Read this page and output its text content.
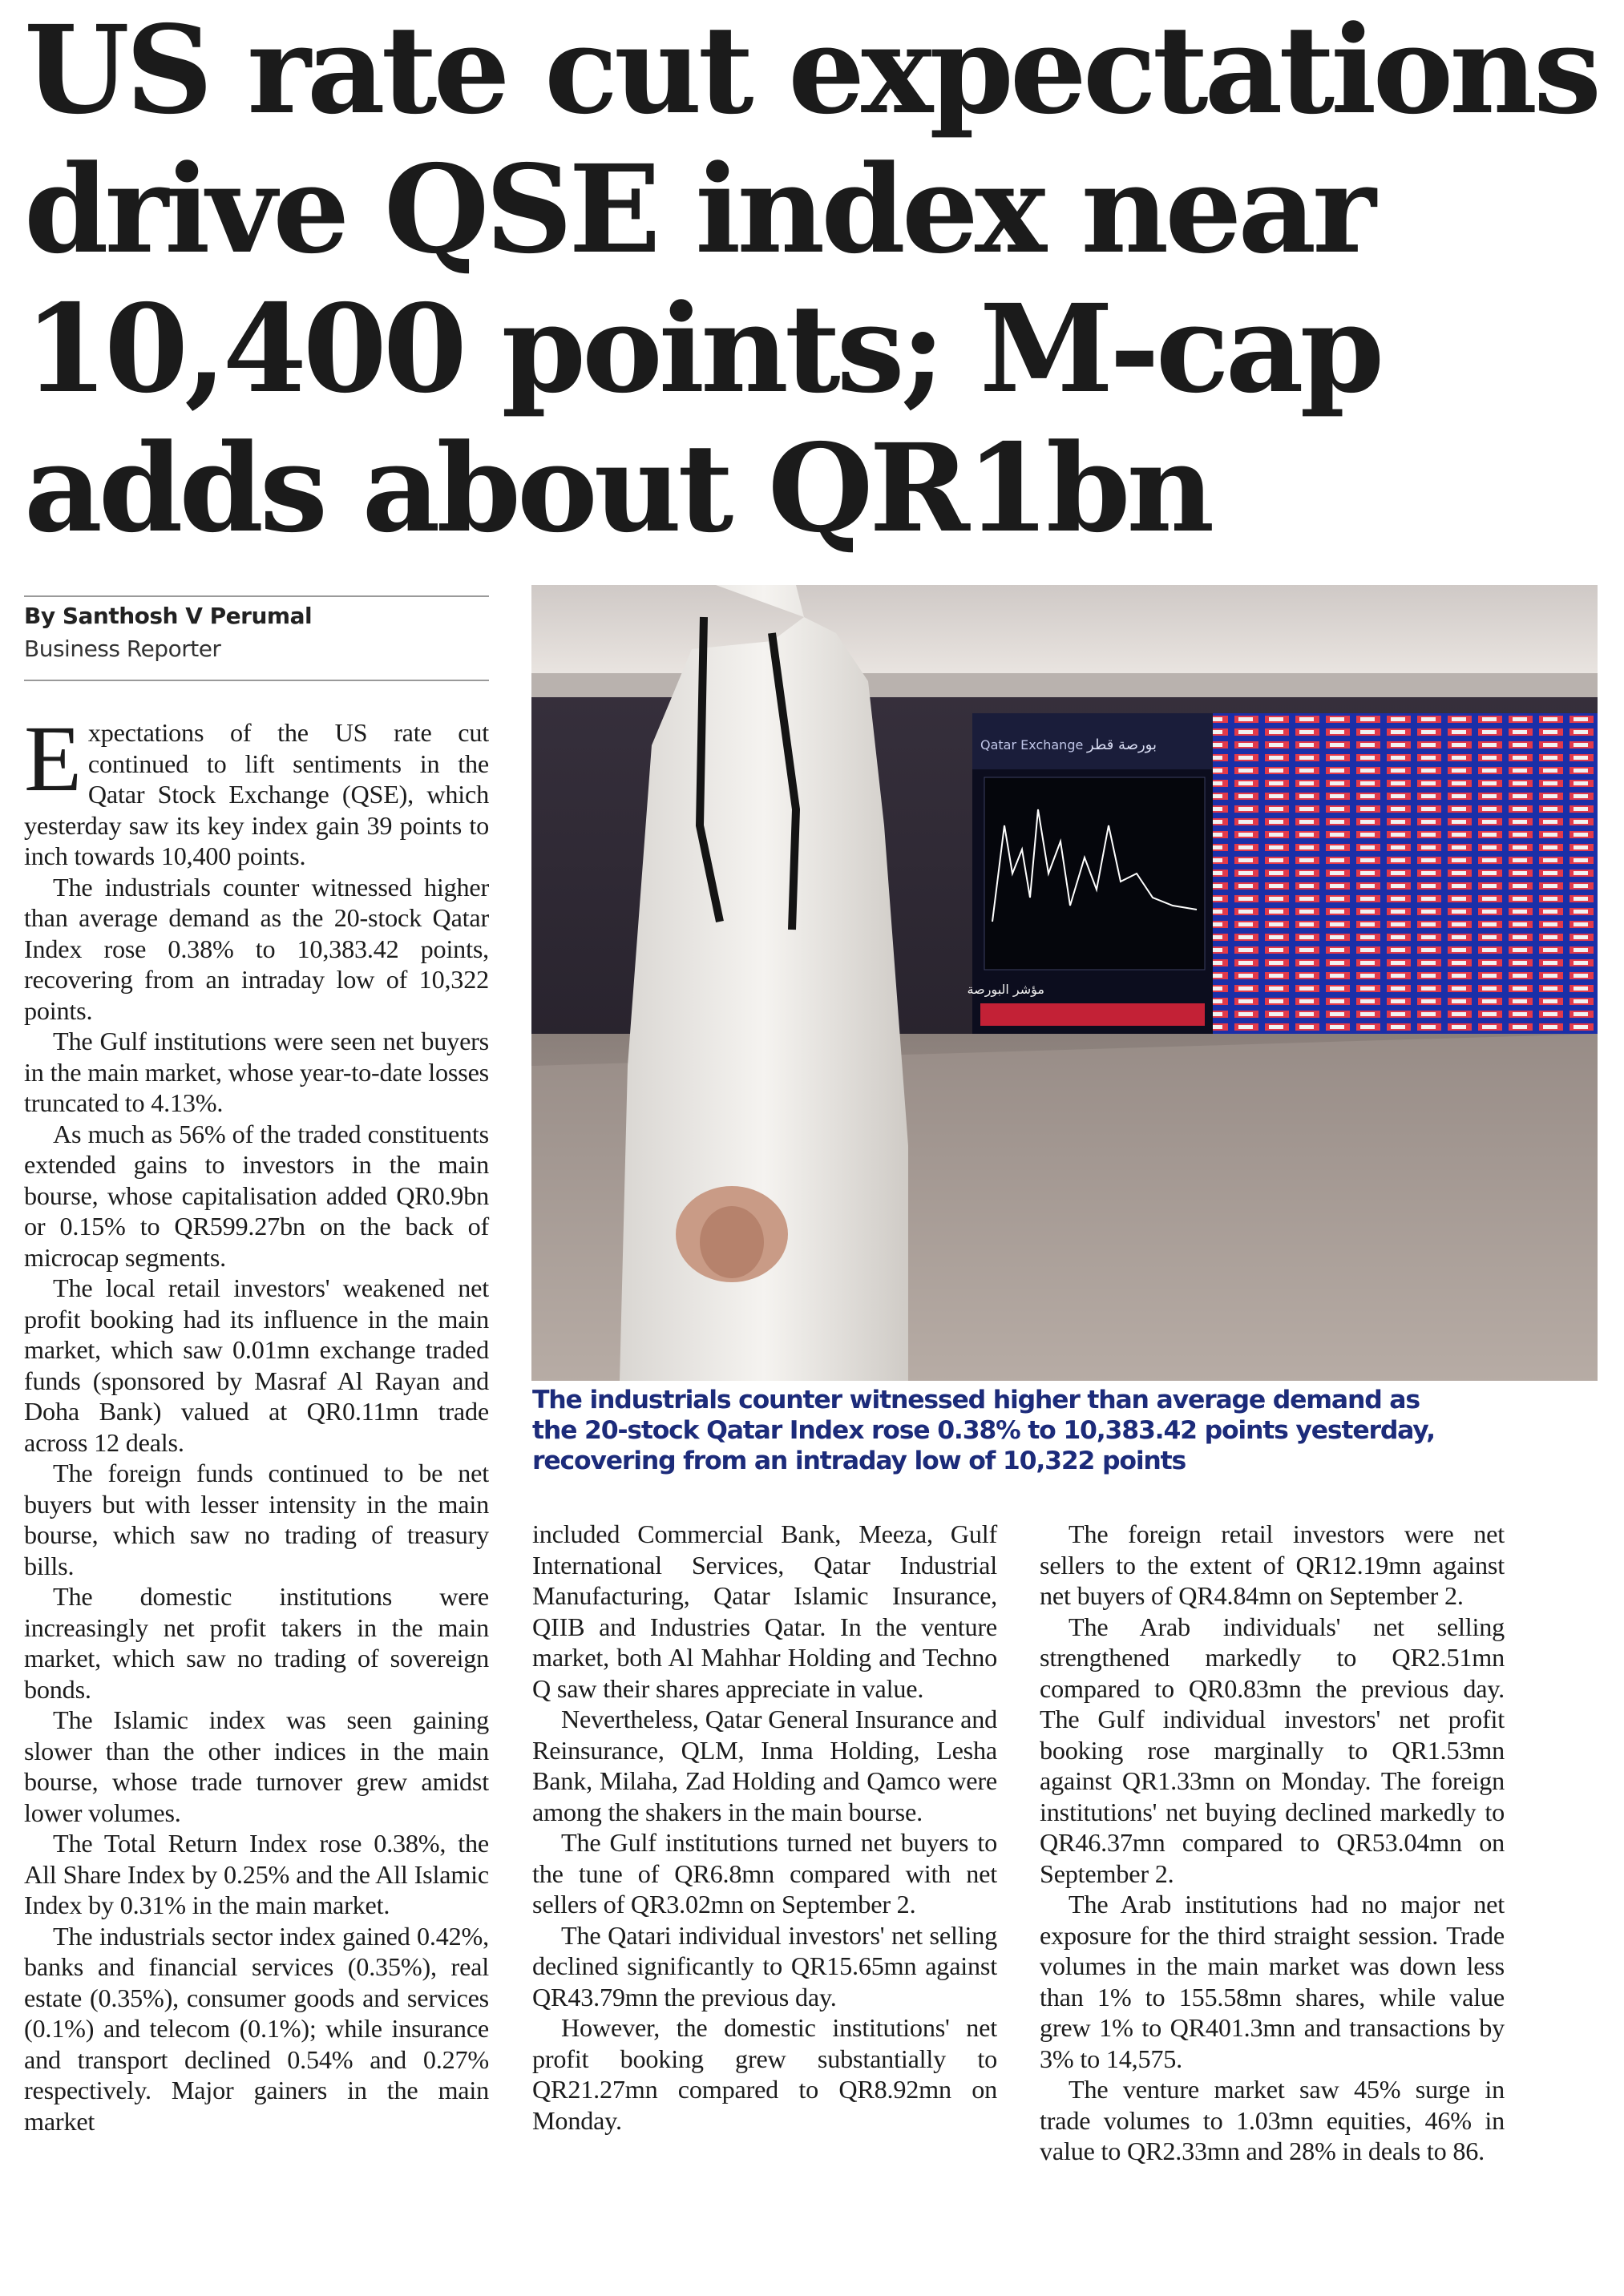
US rate cut expectations
drive QSE index near
10,400 points; M-cap
adds about QR1bn
By Santhosh V Perumal
Business Reporter

Expectations of the US rate cut continued to lift sentiments in the Qatar Stock Exchange (QSE), which yesterday saw its key index gain 39 points to inch towards 10,400 points.

The industrials counter witnessed higher than average demand as the 20-stock Qatar Index rose 0.38% to 10,383.42 points, recovering from an intraday low of 10,322 points.

The Gulf institutions were seen net buyers in the main market, whose year-to-date losses truncated to 4.13%.

As much as 56% of the traded constituents extended gains to investors in the main bourse, whose capitalisation added QR0.9bn or 0.15% to QR599.27bn on the back of microcap segments.

The local retail investors' weakened net profit booking had its influence in the main market, which saw 0.01mn exchange traded funds (sponsored by Masraf Al Rayan and Doha Bank) valued at QR0.11mn trade across 12 deals.

The foreign funds continued to be net buyers but with lesser intensity in the main bourse, which saw no trading of treasury bills.

The domestic institutions were increasingly net profit takers in the main market, which saw no trading of sovereign bonds.

The Islamic index was seen gaining slower than the other indices in the main bourse, whose trade turnover grew amidst lower volumes.

The Total Return Index rose 0.38%, the All Share Index by 0.25% and the All Islamic Index by 0.31% in the main market.

The industrials sector index gained 0.42%, banks and financial services (0.35%), real estate (0.35%), consumer goods and services (0.1%) and telecom (0.1%); while insurance and transport declined 0.54% and 0.27% respectively. Major gainers in the main market

Qatar Exchange بورصة قطر
مؤشر البورصة
The industrials counter witnessed higher than average demand as
the 20-stock Qatar Index rose 0.38% to 10,383.42 points yesterday,
recovering from an intraday low of 10,322 points

included Commercial Bank, Meeza, Gulf International Services, Qatar Industrial Manufacturing, Qatar Islamic Insurance, QIIB and Industries Qatar. In the venture market, both Al Mahhar Holding and Techno Q saw their shares appreciate in value.

Nevertheless, Qatar General Insurance and Reinsurance, QLM, Inma Holding, Lesha Bank, Milaha, Zad Holding and Qamco were among the shakers in the main bourse.

The Gulf institutions turned net buyers to the tune of QR6.8mn compared with net sellers of QR3.02mn on September 2.

The Qatari individual investors' net selling declined significantly to QR15.65mn against QR43.79mn the previous day.

However, the domestic institutions' net profit booking grew substantially to QR21.27mn compared to QR8.92mn on Monday.

The foreign retail investors were net sellers to the extent of QR12.19mn against net buyers of QR4.84mn on September 2.

The Arab individuals' net selling strengthened markedly to QR2.51mn compared to QR0.83mn the previous day. The Gulf individual investors' net profit booking rose marginally to QR1.53mn against QR1.33mn on Monday. The foreign institutions' net buying declined markedly to QR46.37mn compared to QR53.04mn on September 2.

The Arab institutions had no major net exposure for the third straight session. Trade volumes in the main market was down less than 1% to 155.58mn shares, while value grew 1% to QR401.3mn and transactions by 3% to 14,575.

The venture market saw 45% surge in trade volumes to 1.03mn equities, 46% in value to QR2.33mn and 28% in deals to 86.
